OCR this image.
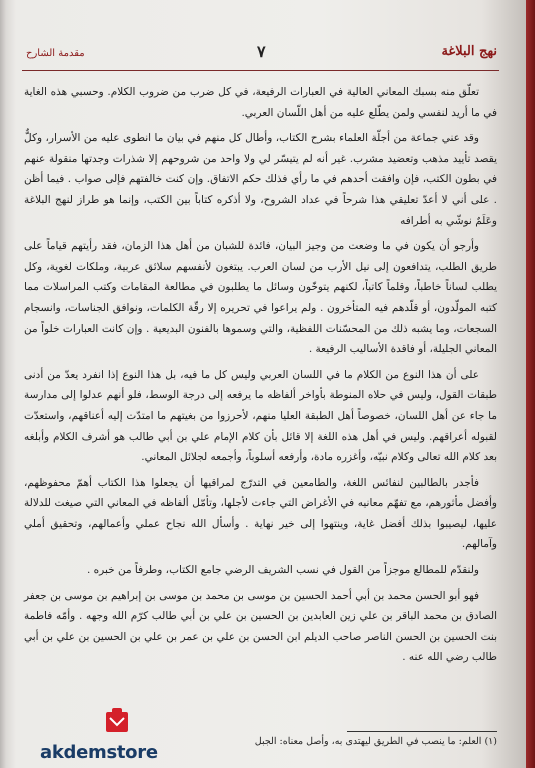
نهج البلاغة
٧
مقدمة الشارح

تعلّق منه بسبك المعاني العالية في العبارات الرفيعة، في كل ضرب من ضروب الكلام. وحسبي هذه الغاية في ما أريد لنفسي ولمن يطّلع عليه من أهل اللّسان العربي.

وقد عني جماعة من أجلّة العلماء بشرح الكتاب، وأطال كل منهم في بيان ما انطوى عليه من الأسرار، وكلٌّ يقصد تأييد مذهب وتعضيد مشرب. غير أنه لم يتيسّر لي ولا واحد من شروحهم إلا شذرات وجدتها منقولة عنهم في بطون الكتب، فإن وافقت أحدهم في ما رأي فذلك حكم الاتفاق. وإن كنت خالفتهم فإلى صواب . فيما أظن . على أني لا أعدّ تعليقي هذا شرحاً في عداد الشروح، ولا أذكره كتاباً بين الكتب، وإنما هو طراز لنهج البلاغة وعَلَمٌ نوشّي به أطرافه

وأرجو أن يكون في ما وضعت من وجيز البيان، فائدة للشبان من أهل هذا الزمان، فقد رأيتهم قياماً على طريق الطلب، يتدافعون إلى نيل الأرب من لسان العرب. يبتغون لأنفسهم سلائق عربية، وملكات لغوية، وكل يطلب لساناً خاطباً، وقلماً كاتباً، لكنهم يتوخّون وسائل ما يطلبون في مطالعة المقامات وكتب المراسلات مما كتبه المولّدون، أو قلّدهم فيه المتأخرون . ولم يراعوا في تحريره إلا رقّة الكلمات، ونوافق الجناسات، وانسجام السجعات، وما يشبه ذلك من المحسّنات اللفظية، والتي وسموها بالفنون البديعية . وإن كانت العبارات خلواً من المعاني الجليلة، أو فاقدة الأساليب الرفيعة .

على أن هذا النوع من الكلام ما في اللسان العربي وليس كل ما فيه، بل هذا النوع إذا انفرد يعدّ من أدنى طبقات القول، وليس في حلاه المنوطة بأواخر ألفاظه ما يرفعه إلى درجة الوسط، فلو أنهم عدلوا إلى مدارسة ما جاء عن أهل اللسان، خصوصاً أهل الطبقة العليا منهم، لأحرزوا من بغيتهم ما امتدّت إليه أعناقهم، واستعدّت لقبوله أعراقهم. وليس في أهل هذه اللغة إلا قائل بأن كلام الإمام علي بن أبي طالب هو أشرف الكلام وأبلغه بعد كلام الله تعالى وكلام نبيّه، وأغزره مادة، وأرفعه أسلوباً، وأجمعه لجلائل المعاني.

فأجدر بالطالبين لنفائس اللغة، والطامعين في التدرّج لمراقيها أن يجعلوا هذا الكتاب أهمّ محفوظهم، وأفضل مأثورهم، مع تفهّم معانيه في الأغراض التي جاءت لأجلها، وتأمّل ألفاظه في المعاني التي صيغت للدلالة عليها، ليصيبوا بذلك أفضل غاية، وينتهوا إلى خير نهاية . وأسأل الله نجاح عملي وأعمالهم، وتحقيق أملي وآمالهم.

ولنقدّم للمطالع موجزاً من القول في نسب الشريف الرضي جامع الكتاب، وطرفاً من خبره .

فهو أبو الحسن محمد بن أبي أحمد الحسين بن موسى بن محمد بن موسى بن إبراهيم بن موسى بن جعفر الصادق بن محمد الباقر بن علي زين العابدين بن الحسين بن علي بن أبي طالب كرّم الله وجهه . وأمّه فاطمة بنت الحسين بن الحسن الناصر صاحب الديلم ابن الحسن بن علي بن عمر بن علي بن الحسين بن علي بن أبي طالب رضي الله عنه .

(١) العلم: ما ينصب في الطريق ليهتدى به، وأصل معناه: الجبل
akdemstore
